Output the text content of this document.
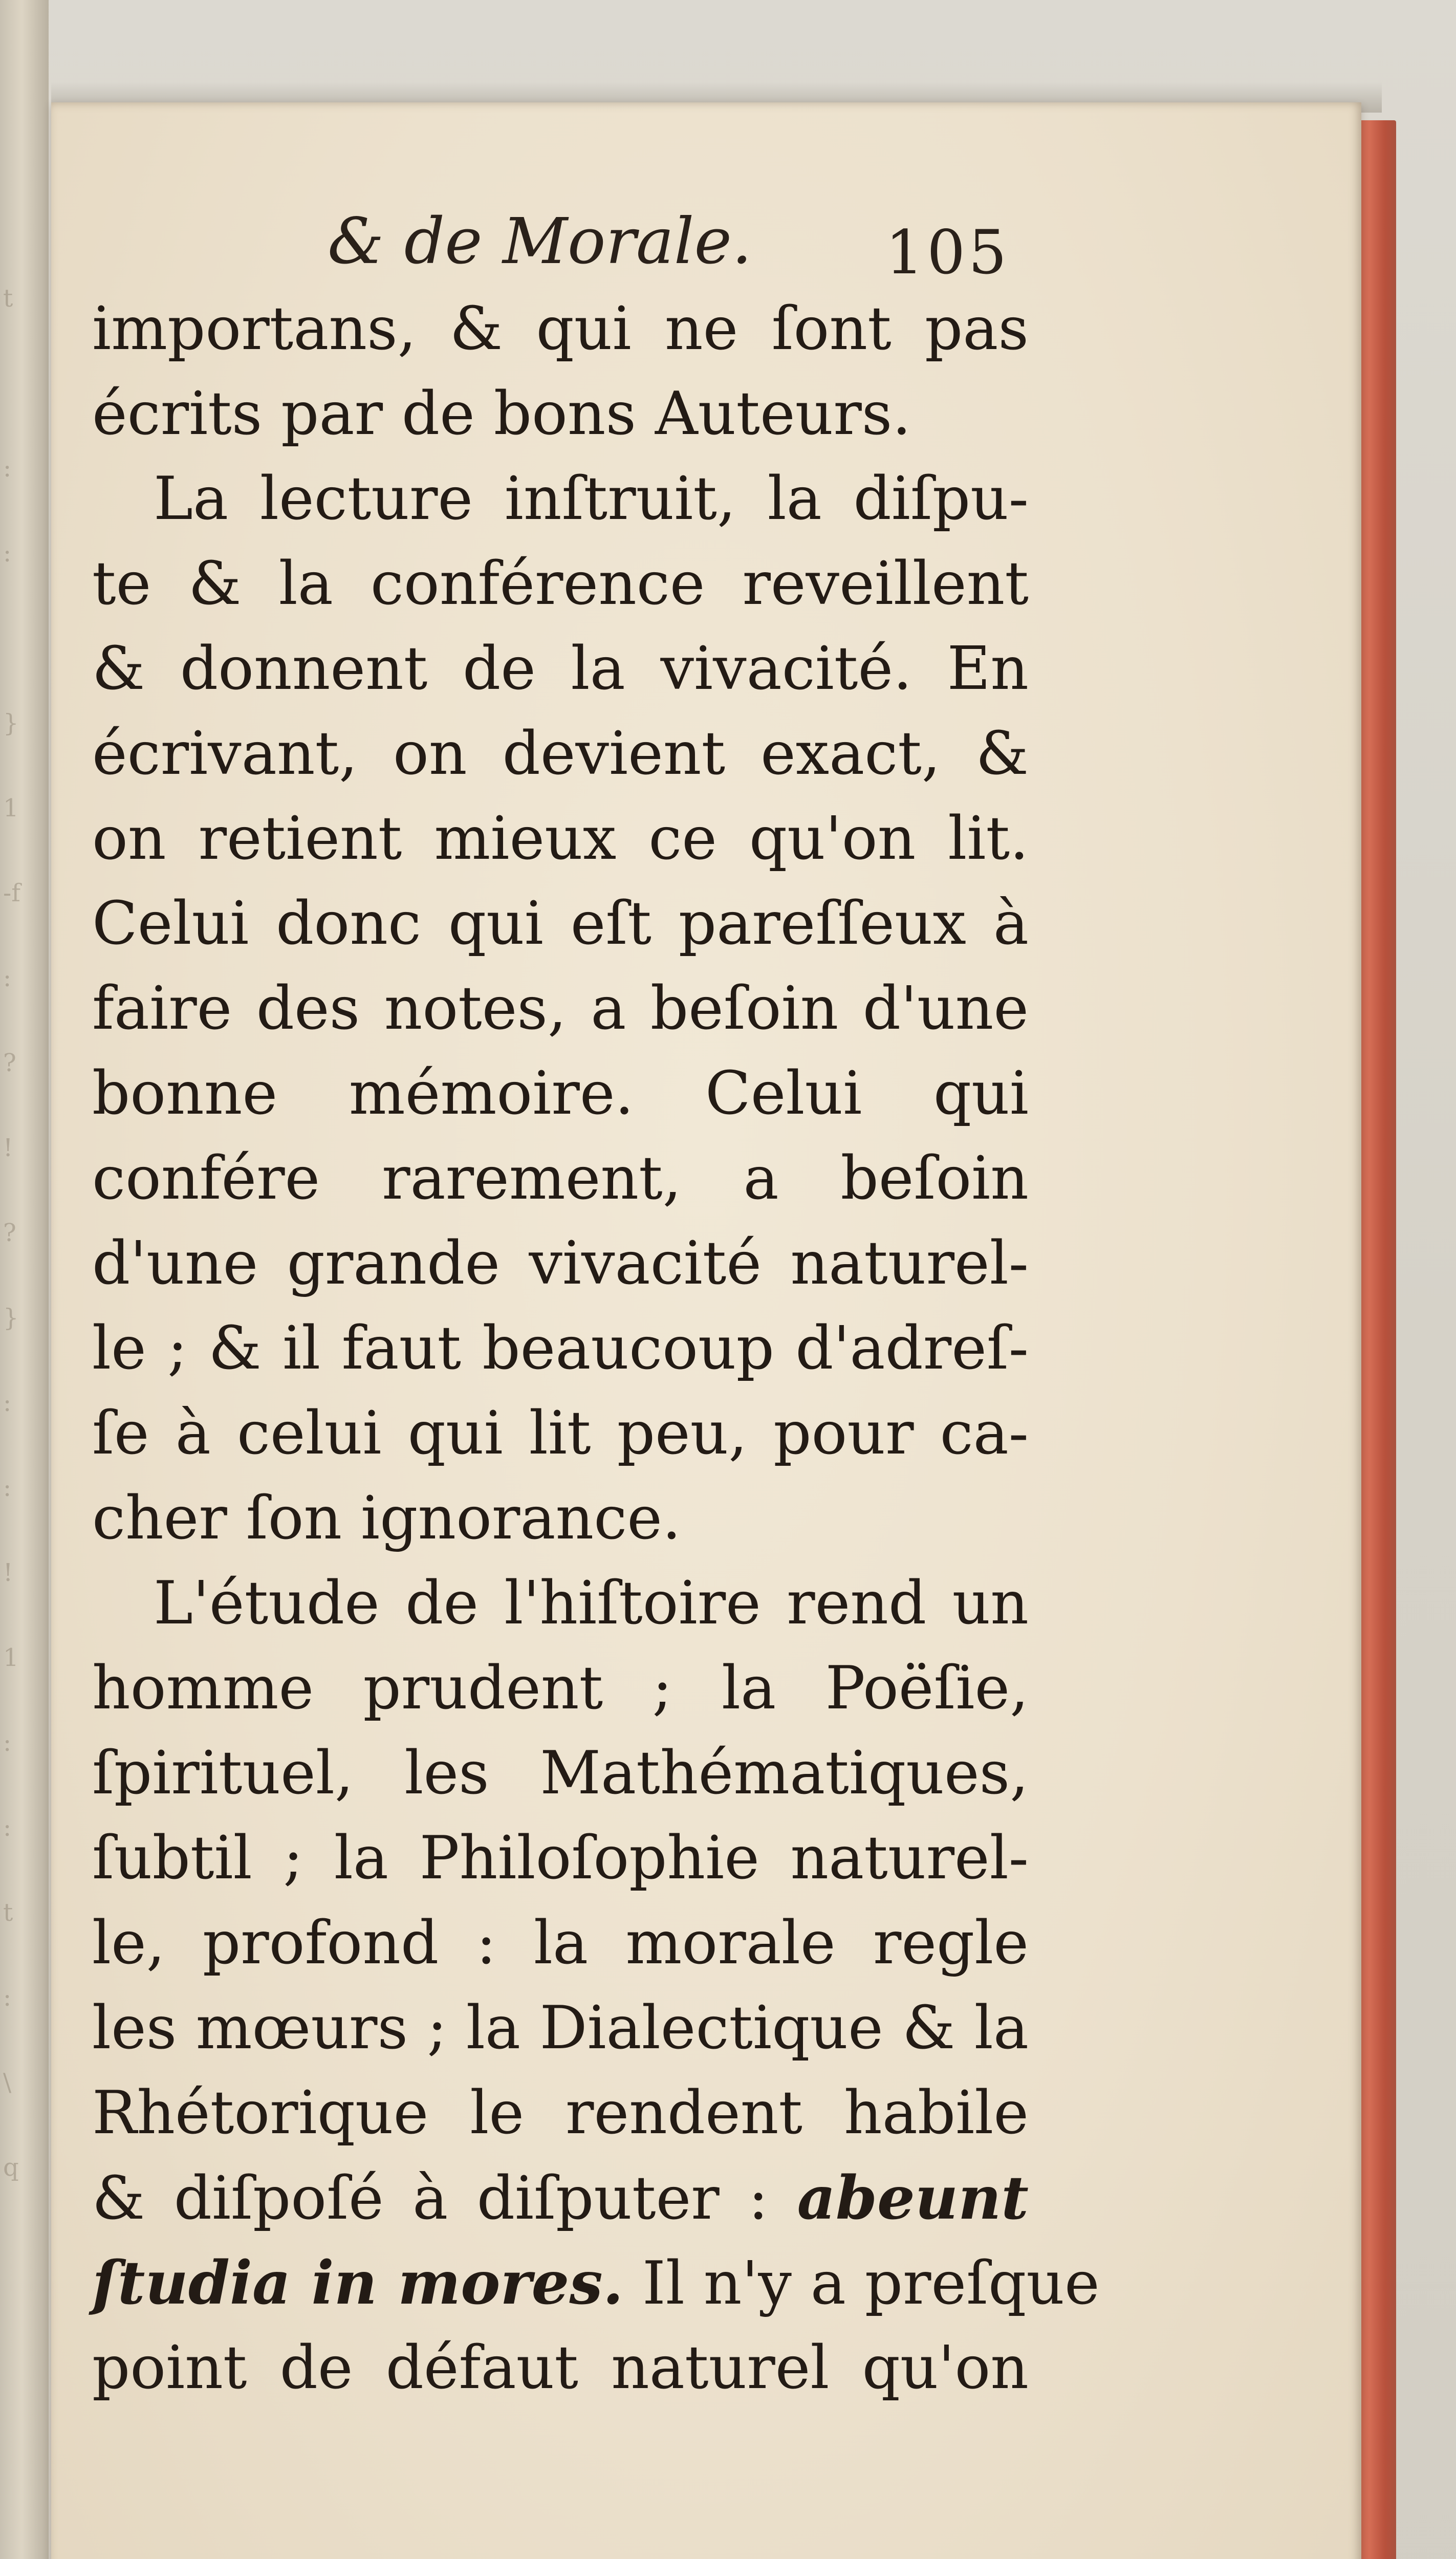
t

:
:

}
1
-f
:
?
!
?
}
:
:
!
1
:
:
t
:
\
q
& de Morale.	105
importans, & qui ne ſont pas
écrits par de bons Auteurs.
La lecture inſtruit, la diſpu-
te & la conférence reveillent
& donnent de la vivacité. En
écrivant, on devient exact, &
on retient mieux ce qu'on lit.
Celui donc qui eſt pareſſeux à
faire des notes, a beſoin d'une
bonne mémoire. Celui qui
confére rarement, a beſoin
d'une grande vivacité naturel-
le ; & il faut beaucoup d'adreſ-
ſe à celui qui lit peu, pour ca-
cher ſon ignorance.
L'étude de l'hiſtoire rend un
homme prudent ; la Poëſie,
ſpirituel, les Mathématiques,
ſubtil ; la Philoſophie naturel-
le, profond : la morale regle
les mœurs ; la Dialectique & la
Rhétorique le rendent habile
& diſpoſé à diſputer : abeunt
ſtudia in mores. Il n'y a preſque
point de défaut naturel qu'on
